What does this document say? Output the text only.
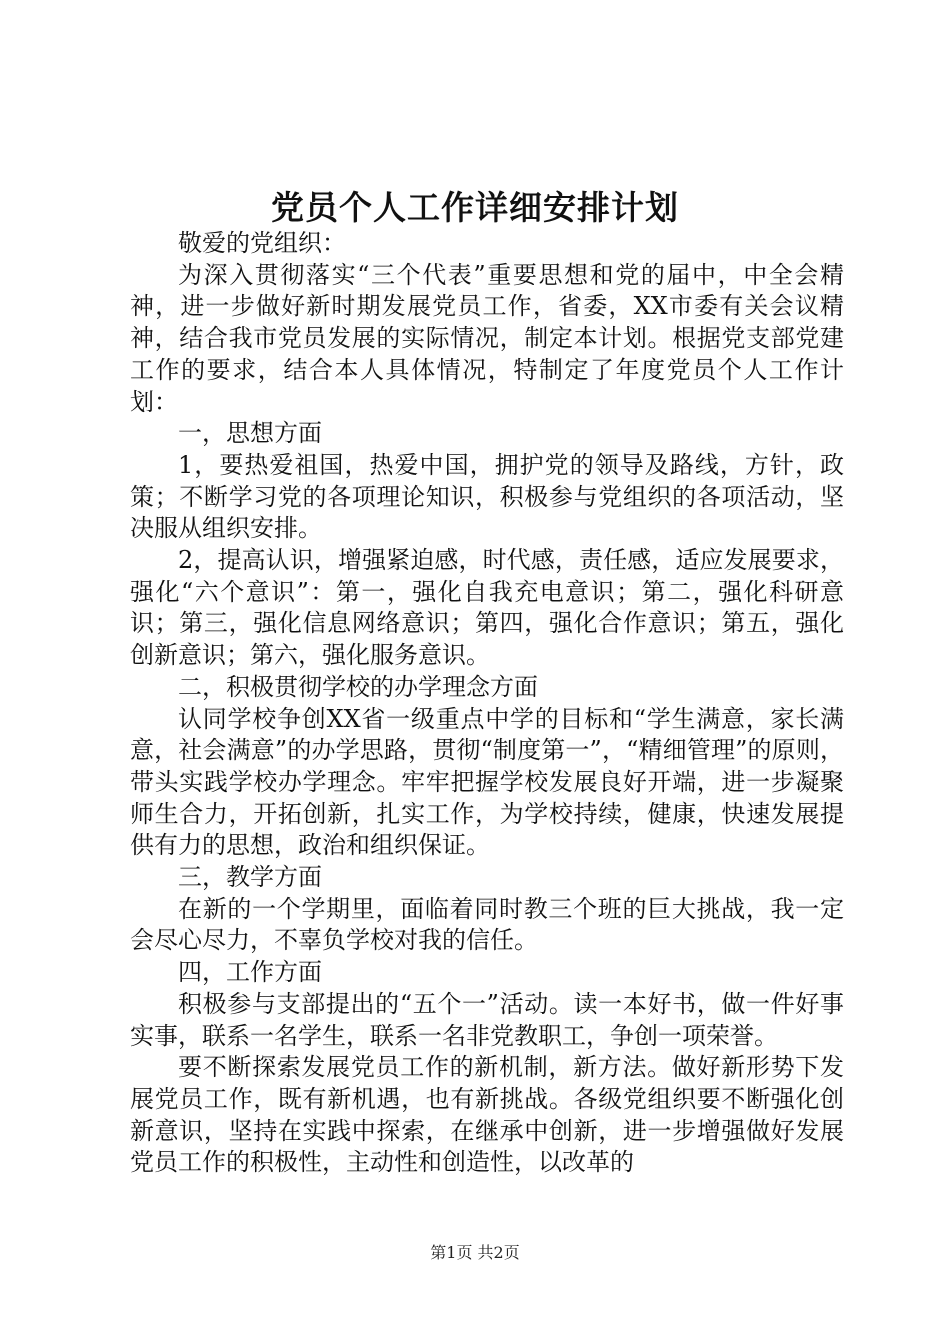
党员个人工作详细安排计划

敬爱的党组织：

为深入贯彻落实“三个代表”重要思想和党的届中，中全会精神，进一步做好新时期发展党员工作，省委，XX市委有关会议精神，结合我市党员发展的实际情况，制定本计划。根据党支部党建工作的要求，结合本人具体情况，特制定了年度党员个人工作计划：

一，思想方面

1，要热爱祖国，热爱中国，拥护党的领导及路线，方针，政策；不断学习党的各项理论知识，积极参与党组织的各项活动，坚决服从组织安排。

2，提高认识，增强紧迫感，时代感，责任感，适应发展要求，强化“六个意识”：第一，强化自我充电意识；第二，强化科研意识；第三，强化信息网络意识；第四，强化合作意识；第五，强化创新意识；第六，强化服务意识。

二，积极贯彻学校的办学理念方面

认同学校争创XX省一级重点中学的目标和“学生满意，家长满意，社会满意”的办学思路，贯彻“制度第一”，“精细管理”的原则，带头实践学校办学理念。牢牢把握学校发展良好开端，进一步凝聚师生合力，开拓创新，扎实工作，为学校持续，健康，快速发展提供有力的思想，政治和组织保证。

三，教学方面

在新的一个学期里，面临着同时教三个班的巨大挑战，我一定会尽心尽力，不辜负学校对我的信任。

四，工作方面

积极参与支部提出的“五个一”活动。读一本好书，做一件好事实事，联系一名学生，联系一名非党教职工，争创一项荣誉。

要不断探索发展党员工作的新机制，新方法。做好新形势下发展党员工作，既有新机遇，也有新挑战。各级党组织要不断强化创新意识，坚持在实践中探索，在继承中创新，进一步增强做好发展党员工作的积极性，主动性和创造性，以改革的

第1页 共2页
